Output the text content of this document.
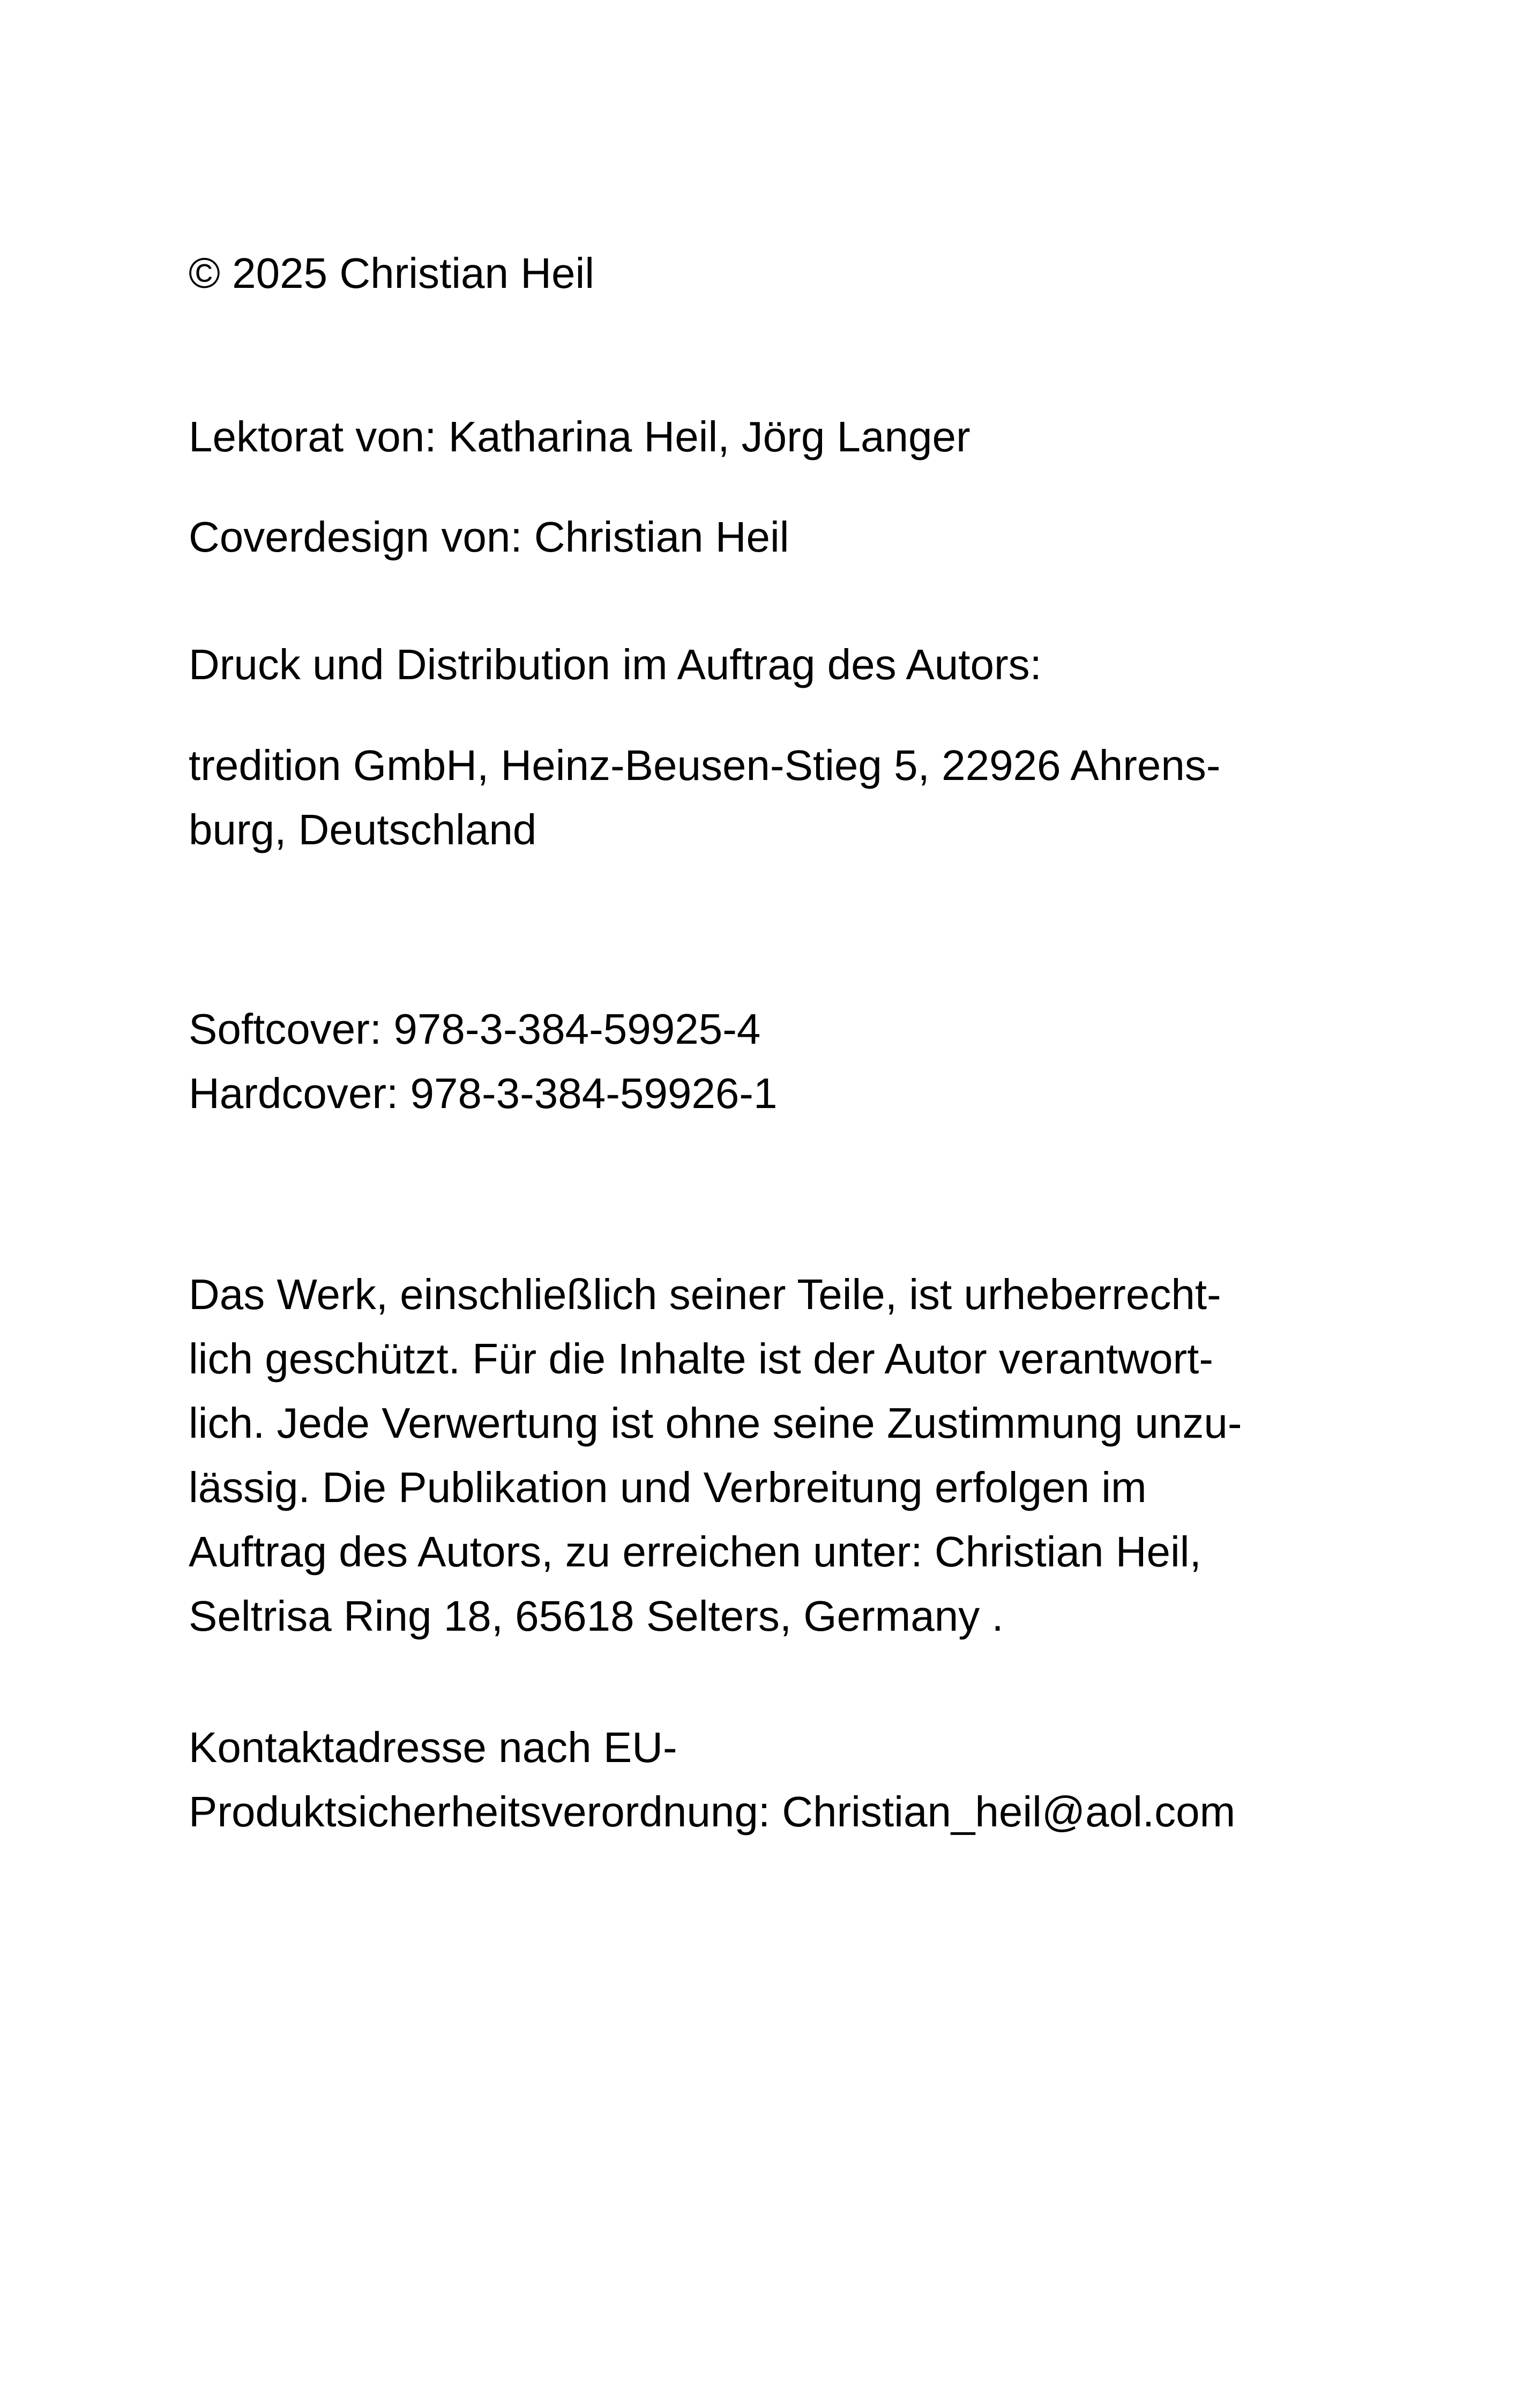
© 2025 Christian Heil
Lektorat von: Katharina Heil, Jörg Langer
Coverdesign von: Christian Heil
Druck und Distribution im Auftrag des Autors:
tredition GmbH, Heinz-Beusen-Stieg 5, 22926 Ahrens-
burg, Deutschland
Softcover: 978-3-384-59925-4
Hardcover: 978-3-384-59926-1
Das Werk, einschließlich seiner Teile, ist urheberrecht-
lich geschützt. Für die Inhalte ist der Autor verantwort-
lich. Jede Verwertung ist ohne seine Zustimmung unzu-
lässig. Die Publikation und Verbreitung erfolgen im
Auftrag des Autors, zu erreichen unter: Christian Heil,
Seltrisa Ring 18, 65618 Selters, Germany .
Kontaktadresse nach EU-
Produktsicherheitsverordnung: Christian_heil@aol.com
